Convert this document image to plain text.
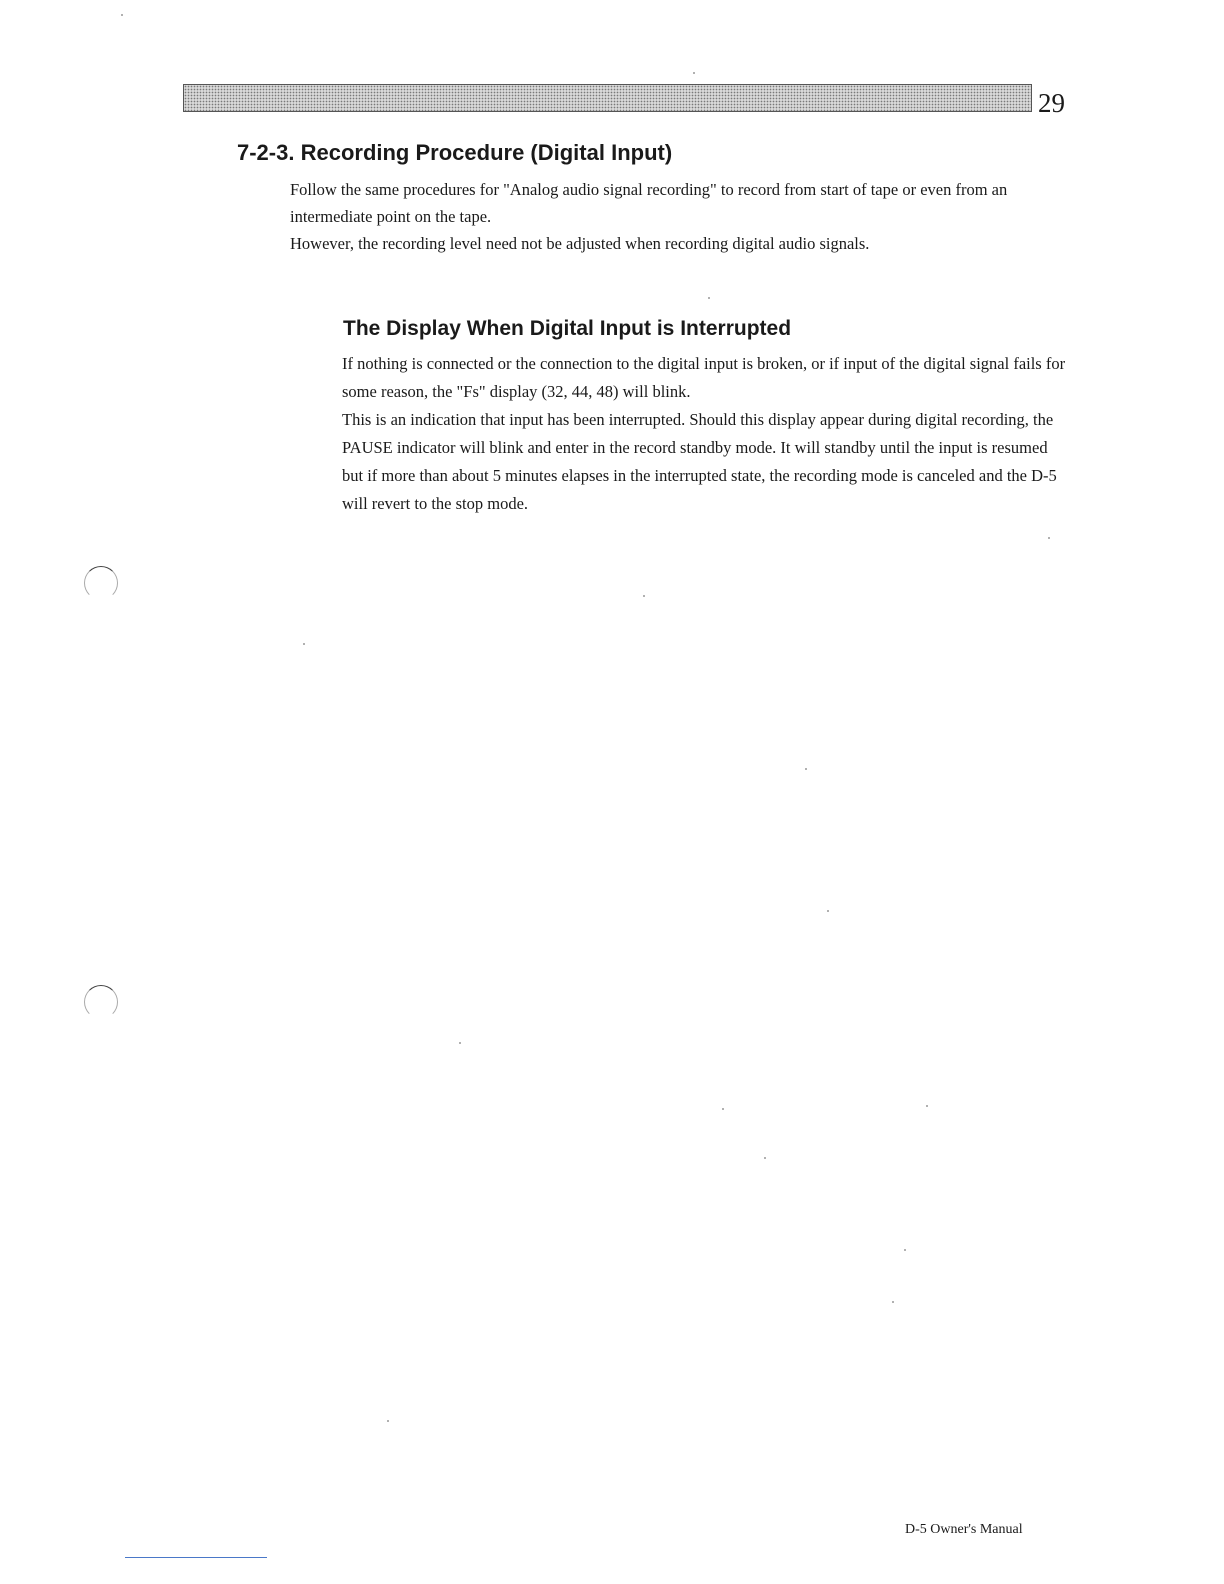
29
7-2-3. Recording Procedure (Digital Input)

Follow the same procedures for "Analog audio signal recording" to record from start of tape or even from an intermediate point on the tape.

However, the recording level need not be adjusted when recording digital audio signals.

The Display When Digital Input is Interrupted

If nothing is connected or the connection to the digital input is broken, or if input of the digital signal fails for some reason, the "Fs" display (32, 44, 48) will blink.

This is an indication that input has been interrupted. Should this display appear during digital recording, the PAUSE indicator will blink and enter in the record standby mode. It will standby until the input is resumed but if more than about 5 minutes elapses in the interrupted state, the recording mode is canceled and the D-5 will revert to the stop mode.

D-5 Owner's Manual
